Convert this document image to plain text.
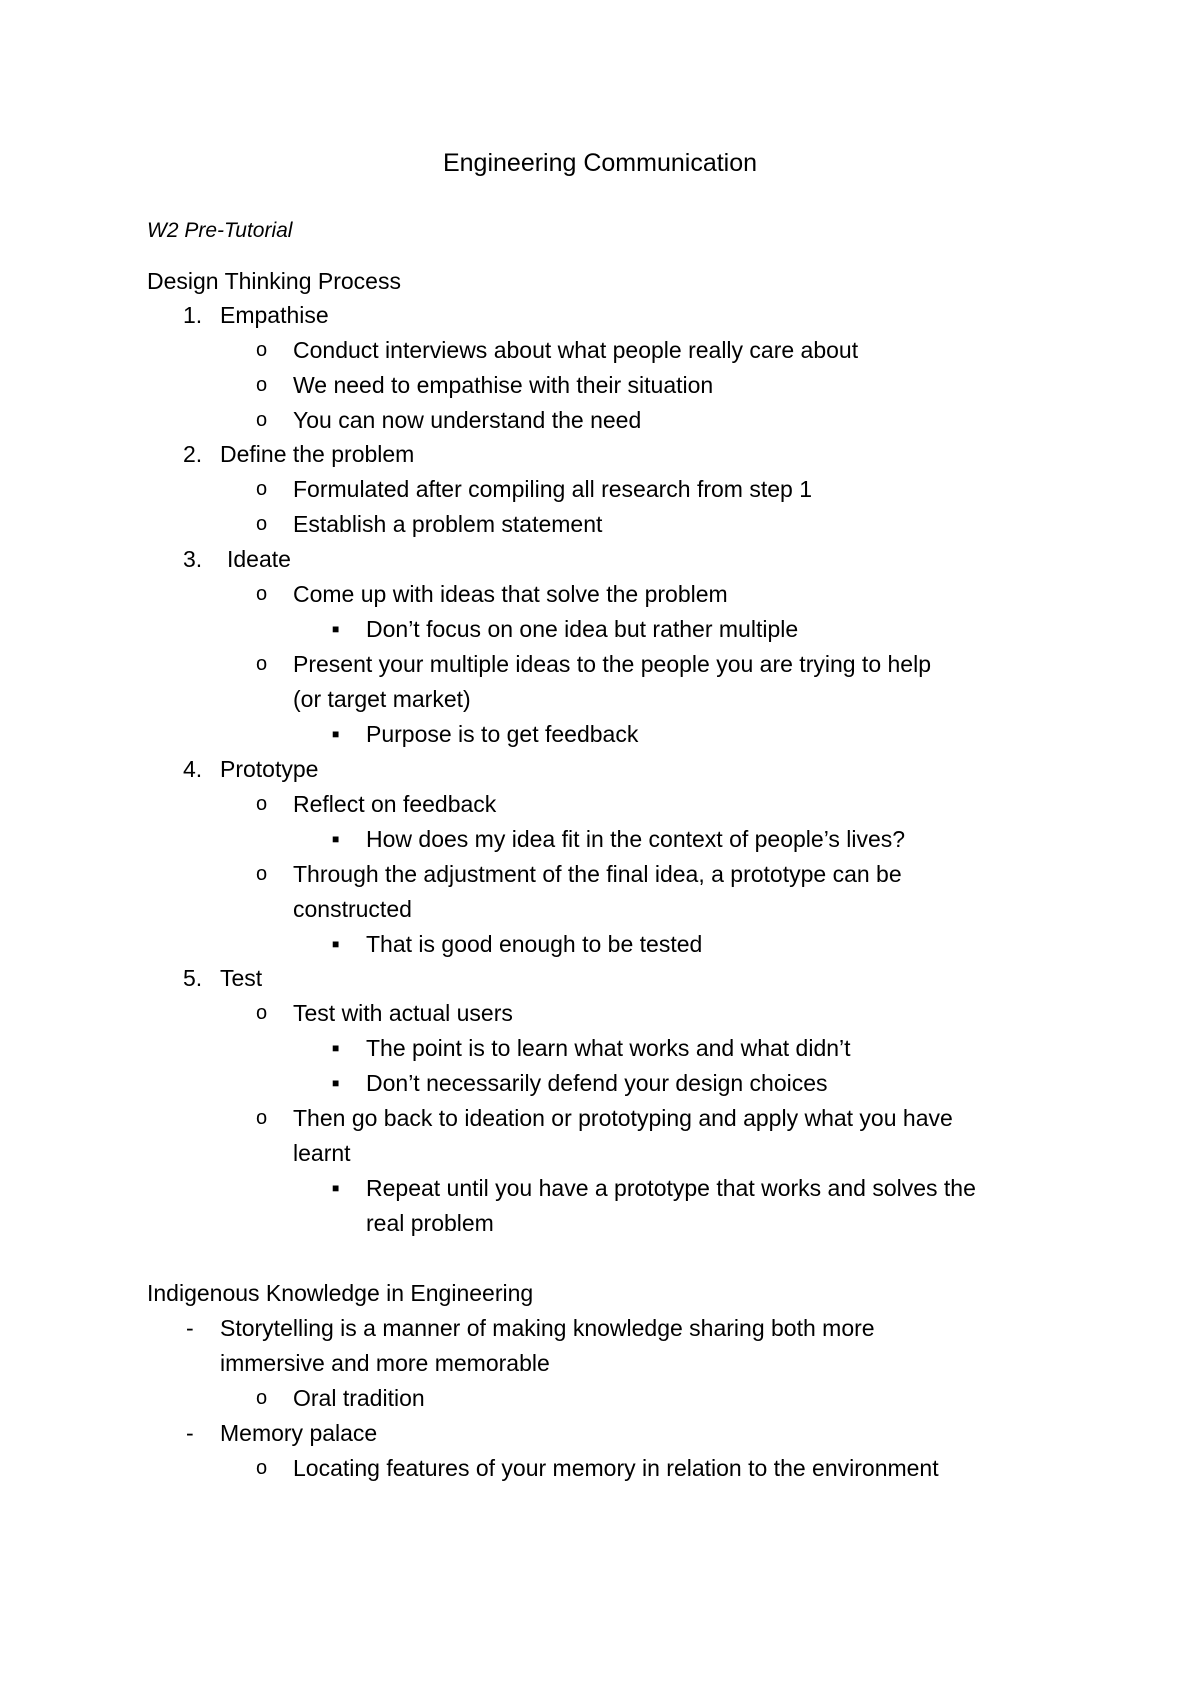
Engineering Communication
W2 Pre-Tutorial
Design Thinking Process
1. Empathise
o Conduct interviews about what people really care about
o We need to empathise with their situation
o You can now understand the need
2. Define the problem
o Formulated after compiling all research from step 1
o Establish a problem statement
3. Ideate
o Come up with ideas that solve the problem
■ Don’t focus on one idea but rather multiple
o Present your multiple ideas to the people you are trying to help
(or target market)
■ Purpose is to get feedback
4. Prototype
o Reflect on feedback
■ How does my idea fit in the context of people’s lives?
o Through the adjustment of the final idea, a prototype can be
constructed
■ That is good enough to be tested
5. Test
o Test with actual users
■ The point is to learn what works and what didn’t
■ Don’t necessarily defend your design choices
o Then go back to ideation or prototyping and apply what you have
learnt
■ Repeat until you have a prototype that works and solves the
real problem
Indigenous Knowledge in Engineering
- Storytelling is a manner of making knowledge sharing both more
immersive and more memorable
o Oral tradition
- Memory palace
o Locating features of your memory in relation to the environment
